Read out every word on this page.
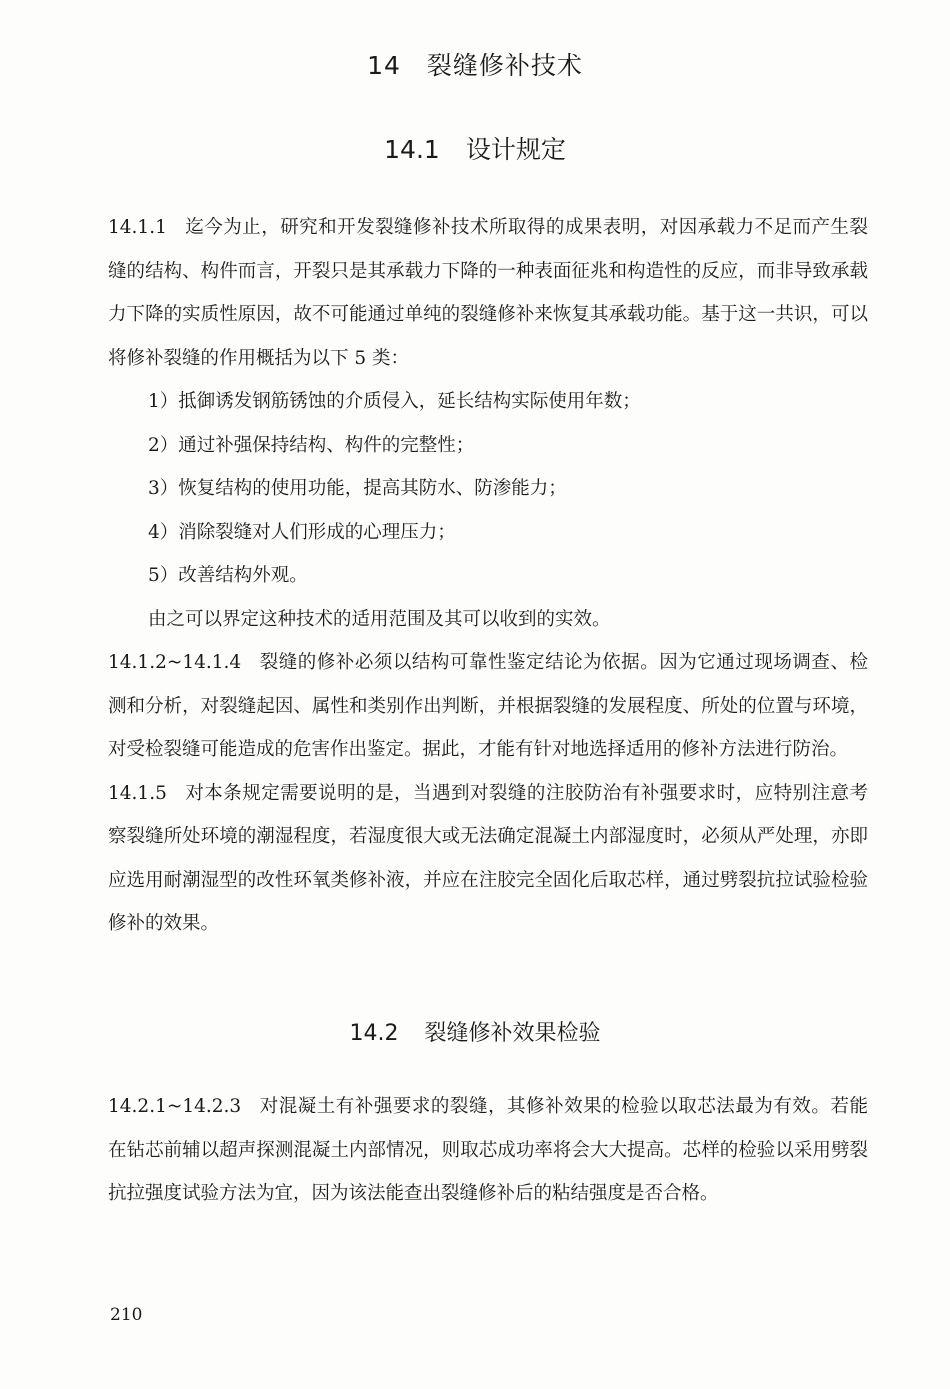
14 裂缝修补技术
14.1 设计规定

14.1.1 迄今为止，研究和开发裂缝修补技术所取得的成果表明，对因承载力不足而产生裂缝的结构、构件而言，开裂只是其承载力下降的一种表面征兆和构造性的反应，而非导致承载力下降的实质性原因，故不可能通过单纯的裂缝修补来恢复其承载功能。基于这一共识，可以将修补裂缝的作用概括为以下 5 类：

1）抵御诱发钢筋锈蚀的介质侵入，延长结构实际使用年数；

2）通过补强保持结构、构件的完整性；

3）恢复结构的使用功能，提高其防水、防渗能力；

4）消除裂缝对人们形成的心理压力；

5）改善结构外观。

由之可以界定这种技术的适用范围及其可以收到的实效。

14.1.2~14.1.4 裂缝的修补必须以结构可靠性鉴定结论为依据。因为它通过现场调查、检测和分析，对裂缝起因、属性和类别作出判断，并根据裂缝的发展程度、所处的位置与环境，对受检裂缝可能造成的危害作出鉴定。据此，才能有针对地选择适用的修补方法进行防治。

14.1.5 对本条规定需要说明的是，当遇到对裂缝的注胶防治有补强要求时，应特别注意考察裂缝所处环境的潮湿程度，若湿度很大或无法确定混凝土内部湿度时，必须从严处理，亦即应选用耐潮湿型的改性环氧类修补液，并应在注胶完全固化后取芯样，通过劈裂抗拉试验检验修补的效果。

14.2 裂缝修补效果检验

14.2.1~14.2.3 对混凝土有补强要求的裂缝，其修补效果的检验以取芯法最为有效。若能在钻芯前辅以超声探测混凝土内部情况，则取芯成功率将会大大提高。芯样的检验以采用劈裂抗拉强度试验方法为宜，因为该法能查出裂缝修补后的粘结强度是否合格。

210
